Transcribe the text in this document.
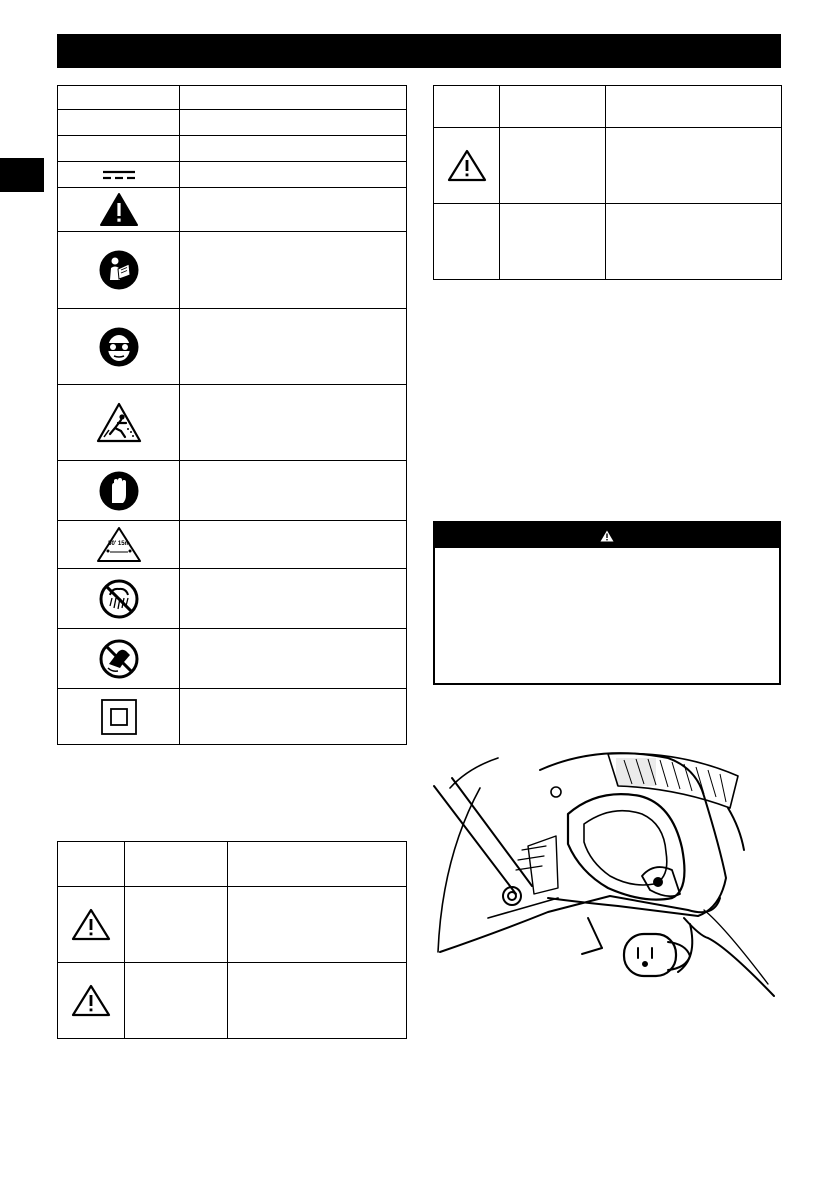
50' 15m	
